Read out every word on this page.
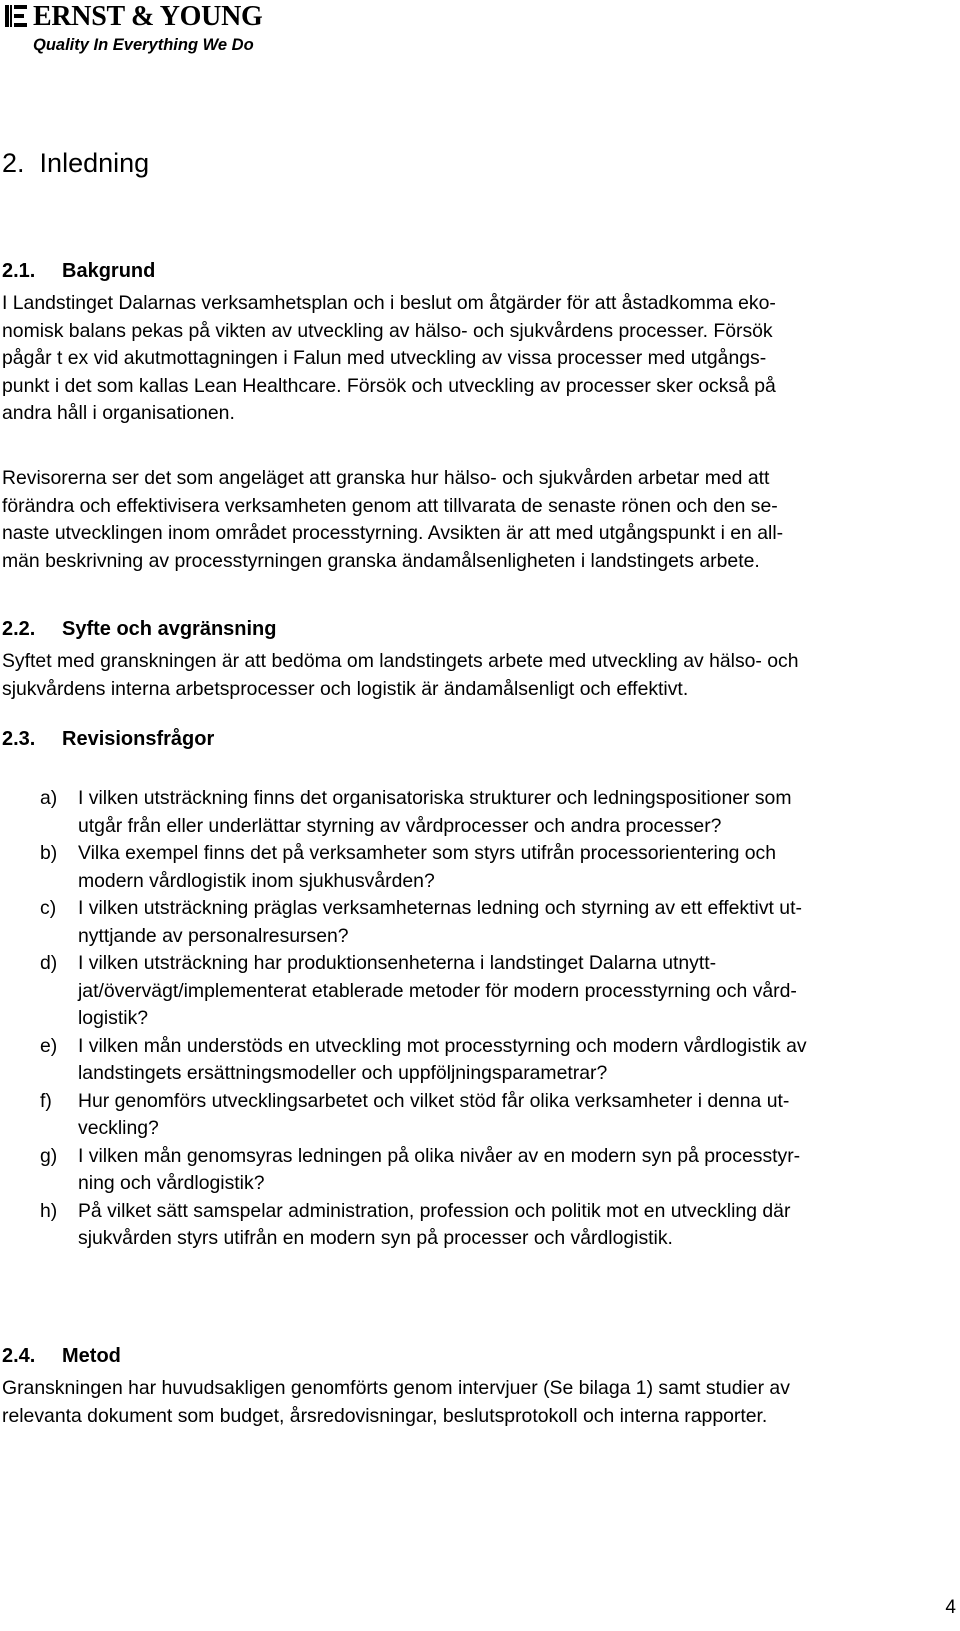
ERNST & YOUNG
Quality In Everything We Do
2. Inledning
2.1. Bakgrund
I Landstinget Dalarnas verksamhetsplan och i beslut om åtgärder för att åstadkomma eko-
nomisk balans pekas på vikten av utveckling av hälso- och sjukvårdens processer. Försök
pågår t ex vid akutmottagningen i Falun med utveckling av vissa processer med utgångs-
punkt i det som kallas Lean Healthcare. Försök och utveckling av processer sker också på
andra håll i organisationen.
Revisorerna ser det som angeläget att granska hur hälso- och sjukvården arbetar med att
förändra och effektivisera verksamheten genom att tillvarata de senaste rönen och den se-
naste utvecklingen inom området processtyrning. Avsikten är att med utgångspunkt i en all-
män beskrivning av processtyrningen granska ändamålsenligheten i landstingets arbete.
2.2. Syfte och avgränsning
Syftet med granskningen är att bedöma om landstingets arbete med utveckling av hälso- och
sjukvårdens interna arbetsprocesser och logistik är ändamålsenligt och effektivt.
2.3. Revisionsfrågor
a) I vilken utsträckning finns det organisatoriska strukturer och ledningspositioner som
utgår från eller underlättar styrning av vårdprocesser och andra processer?
b) Vilka exempel finns det på verksamheter som styrs utifrån processorientering och
modern vårdlogistik inom sjukhusvården?
c) I vilken utsträckning präglas verksamheternas ledning och styrning av ett effektivt ut-
nyttjande av personalresursen?
d) I vilken utsträckning har produktionsenheterna i landstinget Dalarna utnytt-
jat/övervägt/implementerat etablerade metoder för modern processtyrning och vård-
logistik?
e) I vilken mån understöds en utveckling mot processtyrning och modern vårdlogistik av
landstingets ersättningsmodeller och uppföljningsparametrar?
f) Hur genomförs utvecklingsarbetet och vilket stöd får olika verksamheter i denna ut-
veckling?
g) I vilken mån genomsyras ledningen på olika nivåer av en modern syn på processtyr-
ning och vårdlogistik?
h) På vilket sätt samspelar administration, profession och politik mot en utveckling där
sjukvården styrs utifrån en modern syn på processer och vårdlogistik.
2.4. Metod
Granskningen har huvudsakligen genomförts genom intervjuer (Se bilaga 1) samt studier av
relevanta dokument som budget, årsredovisningar, beslutsprotokoll och interna rapporter.
4
